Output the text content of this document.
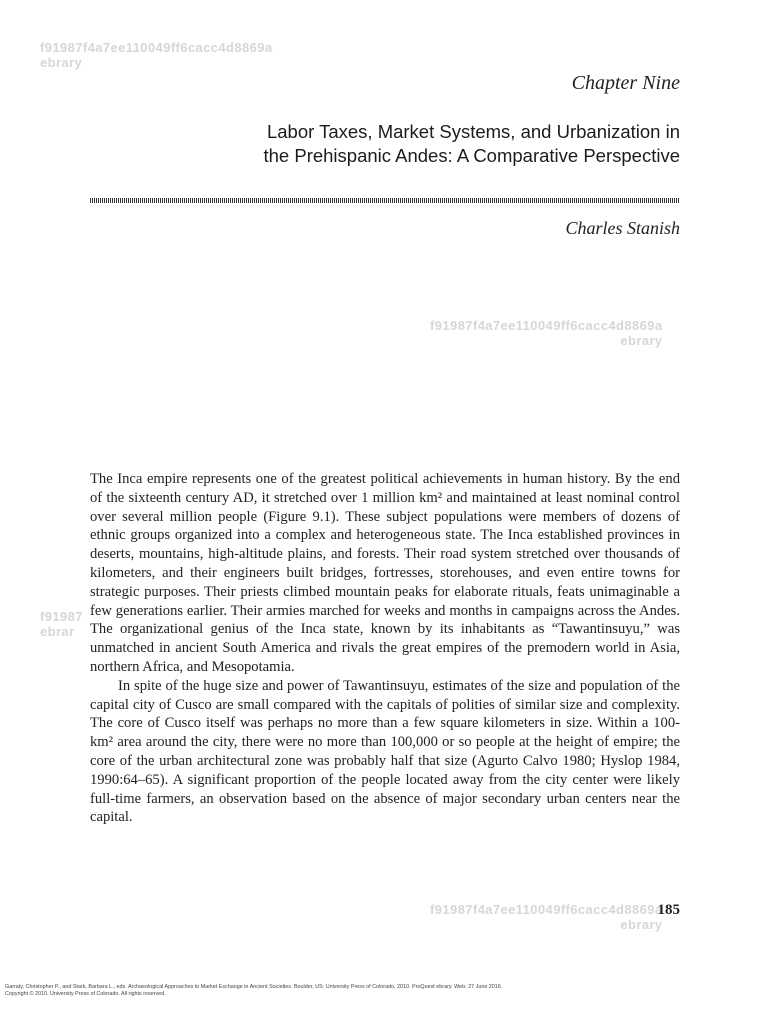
f91987f4a7ee110049ff6cacc4d8869a
ebrary
f91987f4a7ee110049ff6cacc4d8869a
ebrary
f91987
ebrar
f91987f4a7ee110049ff6cacc4d8869a
ebrary
Chapter Nine
Labor Taxes, Market Systems, and Urbanization in
the Prehispanic Andes: A Comparative Perspective
Charles Stanish

The Inca empire represents one of the greatest political achievements in human history. By the end of the sixteenth century AD, it stretched over 1 million km² and maintained at least nominal control over several million people (Figure 9.1). These subject populations were members of dozens of ethnic groups organized into a complex and heterogeneous state. The Inca established provinces in deserts, mountains, high-altitude plains, and forests. Their road system stretched over thousands of kilometers, and their engineers built bridges, fortresses, storehouses, and even entire towns for strategic purposes. Their priests climbed mountain peaks for elaborate rituals, feats unimaginable a few generations earlier. Their armies marched for weeks and months in campaigns across the Andes. The organizational genius of the Inca state, known by its inhabitants as “Tawantinsuyu,” was unmatched in ancient South America and rivals the great empires of the premodern world in Asia, northern Africa, and Mesopotamia.

In spite of the huge size and power of Tawantinsuyu, estimates of the size and population of the capital city of Cusco are small compared with the capitals of polities of similar size and complexity. The core of Cusco itself was perhaps no more than a few square kilometers in size. Within a 100-km² area around the city, there were no more than 100,000 or so people at the height of empire; the core of the urban architectural zone was probably half that size (Agurto Calvo 1980; Hyslop 1984, 1990:64–65). A significant proportion of the people located away from the city center were likely full-time farmers, an observation based on the absence of major secondary urban centers near the capital.

185
Garraty, Christopher P., and Stark, Barbara L., eds. Archaeological Approaches to Market Exchange in Ancient Societies. Boulder, US: University Press of Colorado, 2010. ProQuest ebrary. Web. 27 June 2016.
Copyright © 2010. University Press of Colorado. All rights reserved.
